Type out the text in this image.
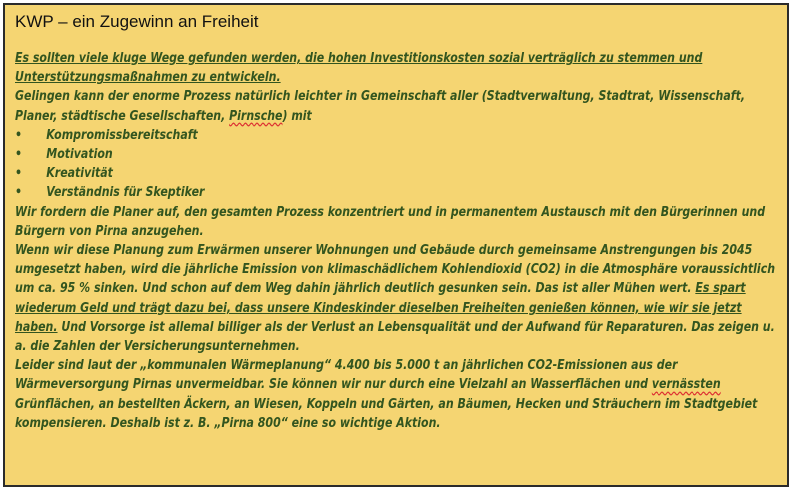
KWP – ein Zugewinn an Freiheit

Es sollten viele kluge Wege gefunden werden, die hohen Investitionskosten sozial verträglich zu stemmen und Unterstützungsmaßnahmen zu entwickeln.
Gelingen kann der enorme Prozess natürlich leichter in Gemeinschaft aller (Stadtverwaltung, Stadtrat, Wissenschaft, Planer, städtische Gesellschaften, Pirnsche) mit

• Kompromissbereitschaft
• Motivation
• Kreativität
• Verständnis für Skeptiker

Wir fordern die Planer auf, den gesamten Prozess konzentriert und in permanentem Austausch mit den Bürgerinnen und Bürgern von Pirna anzugehen.

Wenn wir diese Planung zum Erwärmen unserer Wohnungen und Gebäude durch gemeinsame Anstrengungen bis 2045 umgesetzt haben, wird die jährliche Emission von klimaschädlichem Kohlendioxid (CO2) in die Atmosphäre voraussichtlich um ca. 95 % sinken. Und schon auf dem Weg dahin jährlich deutlich gesunken sein. Das ist aller Mühen wert. Es spart wiederum Geld und trägt dazu bei, dass unsere Kindeskinder dieselben Freiheiten genießen können, wie wir sie jetzt haben. Und Vorsorge ist allemal billiger als der Verlust an Lebensqualität und der Aufwand für Reparaturen. Das zeigen u. a. die Zahlen der Versicherungsunternehmen.

Leider sind laut der „kommunalen Wärmeplanung“ 4.400 bis 5.000 t an jährlichen CO2-Emissionen aus der Wärmeversorgung Pirnas unvermeidbar. Sie können wir nur durch eine Vielzahl an Wasserflächen und vernässten Grünflächen, an bestellten Äckern, an Wiesen, Koppeln und Gärten, an Bäumen, Hecken und Sträuchern im Stadtgebiet kompensieren. Deshalb ist z. B. „Pirna 800“ eine so wichtige Aktion.
